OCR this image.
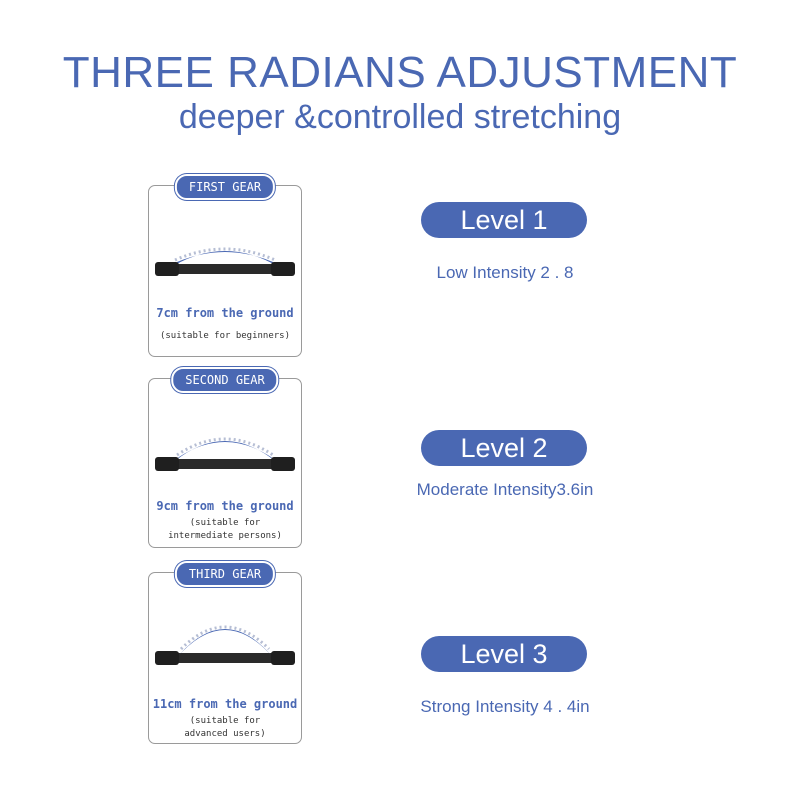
THREE RADIANS ADJUSTMENT
deeper &controlled stretching
FIRST GEAR
7cm from the ground
(suitable for beginners)
SECOND GEAR
9cm from the ground
(suitable for
intermediate persons)
THIRD GEAR
11cm from the ground
(suitable for
advanced users)
Level 1
Low Intensity 2 . 8
Level 2
Moderate Intensity3.6in
Level 3
Strong Intensity 4 . 4in
